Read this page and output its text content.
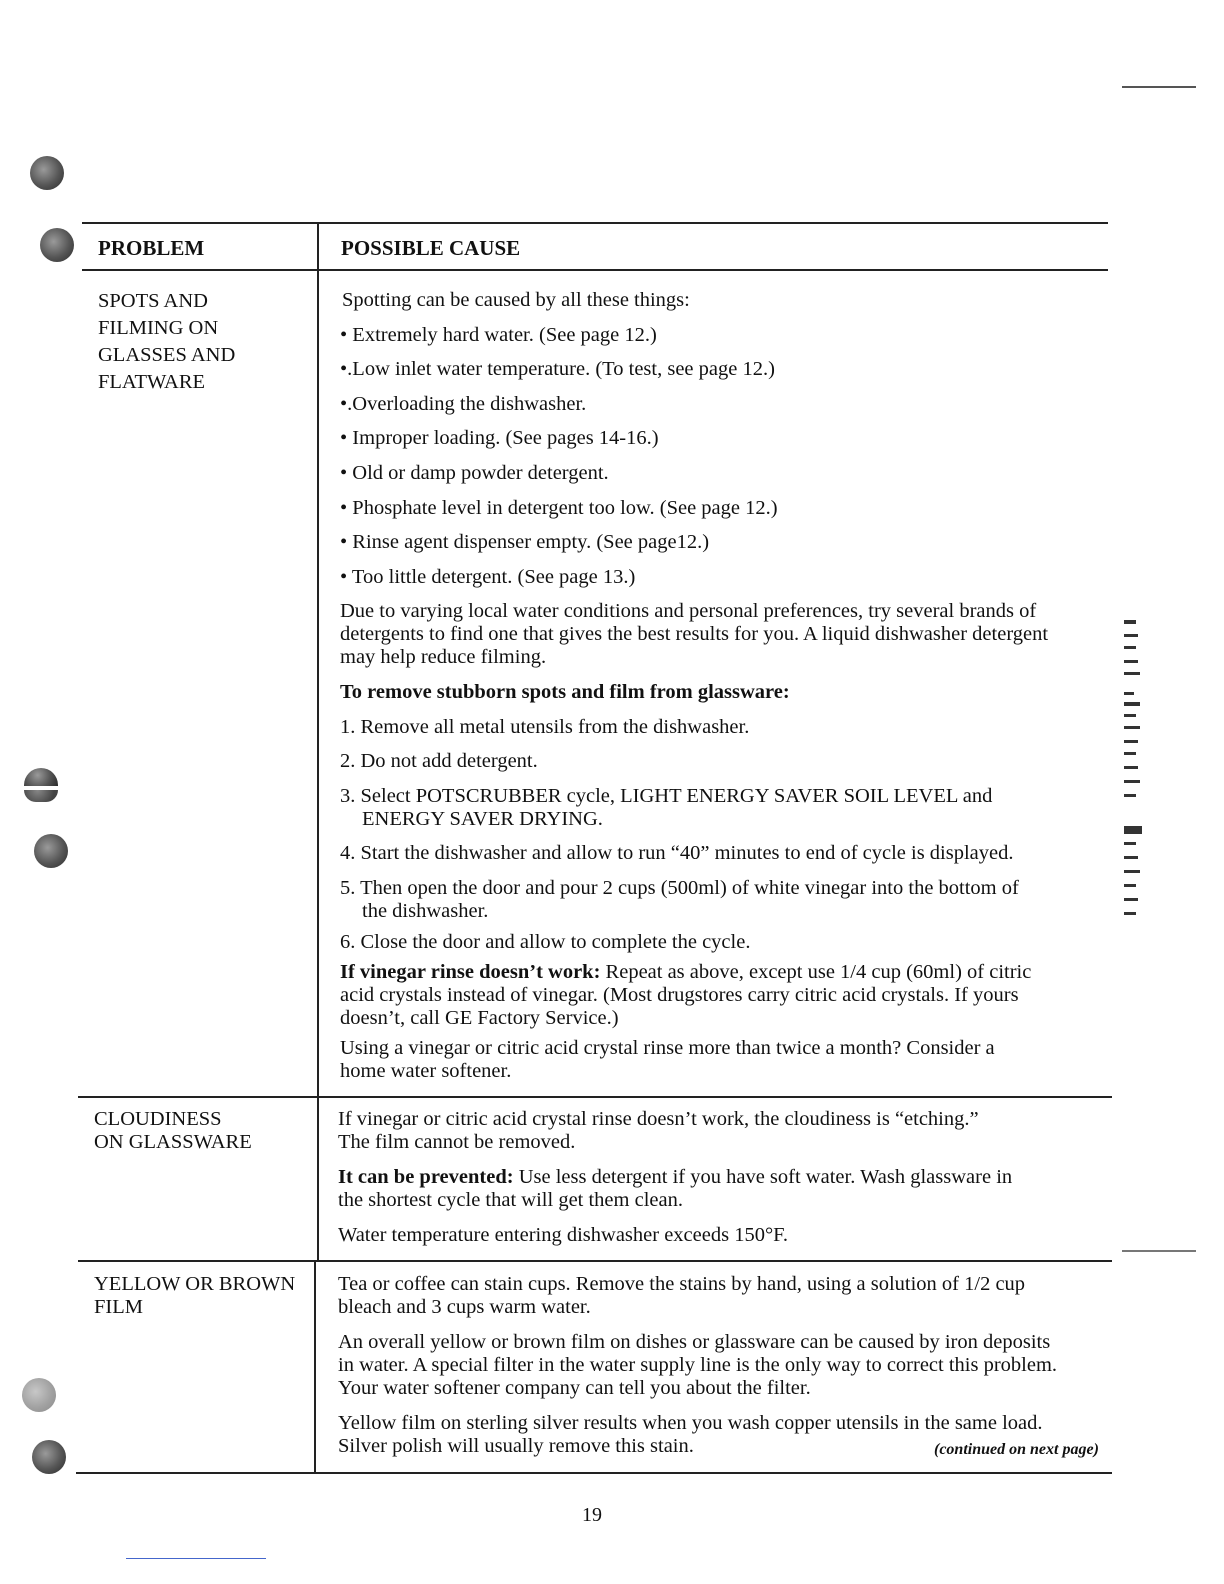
PROBLEM	POSSIBLE CAUSE
SPOTS AND
FILMING ON
GLASSES AND
FLATWARE
Spotting can be caused by all these things:
• Extremely hard water. (See page 12.)
•.Low inlet water temperature. (To test, see page 12.)
•.Overloading the dishwasher.
• Improper loading. (See pages 14-16.)
• Old or damp powder detergent.
• Phosphate level in detergent too low. (See page 12.)
• Rinse agent dispenser empty. (See page12.)
• Too little detergent. (See page 13.)
Due to varying local water conditions and personal preferences, try several brands of
detergents to find one that gives the best results for you. A liquid dishwasher detergent
may help reduce filming.
To remove stubborn spots and film from glassware:
1. Remove all metal utensils from the dishwasher.
2. Do not add detergent.
3. Select POTSCRUBBER cycle, LIGHT ENERGY SAVER SOIL LEVEL and
ENERGY SAVER DRYING.
4. Start the dishwasher and allow to run “40” minutes to end of cycle is displayed.
5. Then open the door and pour 2 cups (500ml) of white vinegar into the bottom of
the dishwasher.
6. Close the door and allow to complete the cycle.
If vinegar rinse doesn’t work: Repeat as above, except use 1/4 cup (60ml) of citric
acid crystals instead of vinegar. (Most drugstores carry citric acid crystals. If yours
doesn’t, call GE Factory Service.)
Using a vinegar or citric acid crystal rinse more than twice a month? Consider a
home water softener.
CLOUDINESS
ON GLASSWARE
If vinegar or citric acid crystal rinse doesn’t work, the cloudiness is “etching.”
The film cannot be removed.
It can be prevented: Use less detergent if you have soft water. Wash glassware in
the shortest cycle that will get them clean.
Water temperature entering dishwasher exceeds 150°F.
YELLOW OR BROWN
FILM
Tea or coffee can stain cups. Remove the stains by hand, using a solution of 1/2 cup
bleach and 3 cups warm water.
An overall yellow or brown film on dishes or glassware can be caused by iron deposits
in water. A special filter in the water supply line is the only way to correct this problem.
Your water softener company can tell you about the filter.
Yellow film on sterling silver results when you wash copper utensils in the same load.
Silver polish will usually remove this stain.	(continued on next page)
19
